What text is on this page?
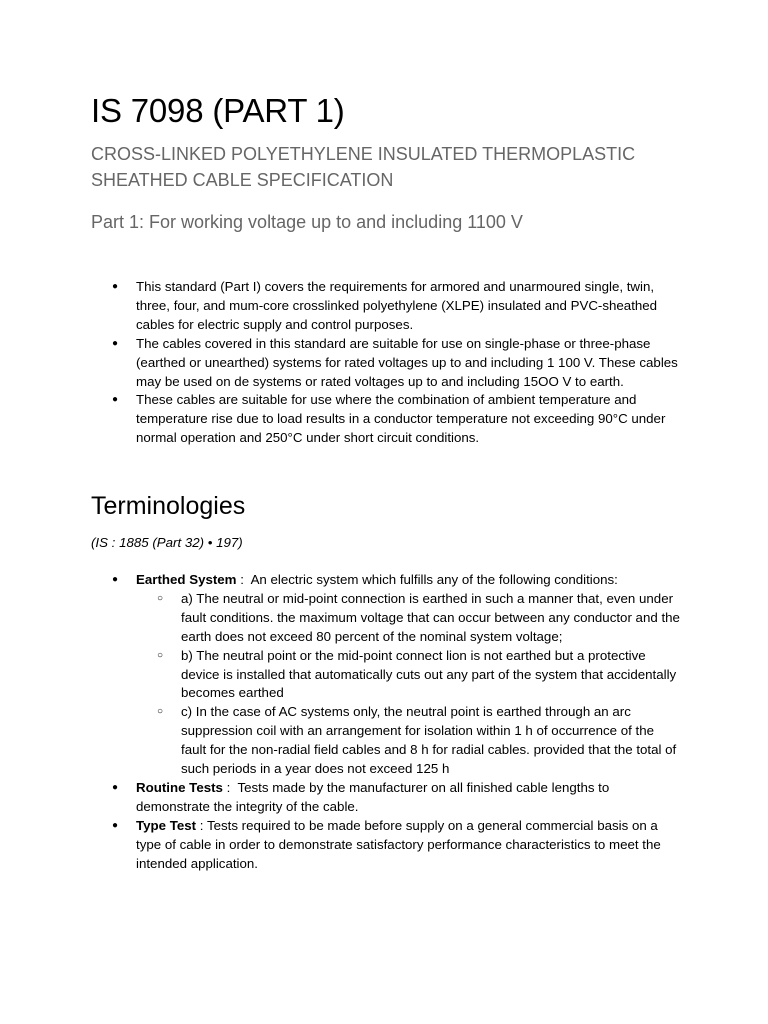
IS 7098 (PART 1)
CROSS-LINKED POLYETHYLENE INSULATED THERMOPLASTIC SHEATHED CABLE SPECIFICATION
Part 1: For working voltage up to and including 1100 V
● This standard (Part I) covers the requirements for armored and unarmoured single, twin, three, four, and mum-core crosslinked polyethylene (XLPE) insulated and PVC-sheathed cables for electric supply and control purposes.
● The cables covered in this standard are suitable for use on single-phase or three-phase (earthed or unearthed) systems for rated voltages up to and including 1 100 V. These cables may be used on de systems or rated voltages up to and including 15OO V to earth.
● These cables are suitable for use where the combination of ambient temperature and temperature rise due to load results in a conductor temperature not exceeding 90°C under normal operation and 250°C under short circuit conditions.
Terminologies

(IS : 1885 (Part 32) • 197)

● Earthed System :  An electric system which fulfills any of the following conditions:
○ a) The neutral or mid-point connection is earthed in such a manner that, even under fault conditions. the maximum voltage that can occur between any conductor and the earth does not exceed 80 percent of the nominal system voltage;
○ b) The neutral point or the mid-point connect lion is not earthed but a protective device is installed that automatically cuts out any part of the system that accidentally becomes earthed
○ c) In the case of AC systems only, the neutral point is earthed through an arc suppression coil with an arrangement for isolation within 1 h of occurrence of the fault for the non-radial field cables and 8 h for radial cables. provided that the total of such periods in a year does not exceed 125 h
● Routine Tests :  Tests made by the manufacturer on all finished cable lengths to demonstrate the integrity of the cable.
● Type Test : Tests required to be made before supply on a general commercial basis on a type of cable in order to demonstrate satisfactory performance characteristics to meet the intended application.
